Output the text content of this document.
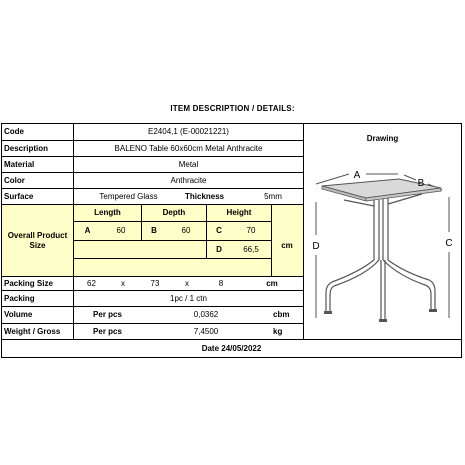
ITEM DESCRIPTION / DETAILS:
Code	E2404,1 (E-00021221)
Description	BALENO Table 60x60cm Metal Anthracite
Material	Metal
Color	Anthracite
Surface	Tempered Glass	Thickness	5mm
Overall Product Size
Length	Depth	Height
cm
A	60	B	60	C	70
D	66,5
Packing Size	62	x	73	x	8	cm
Packing	1pc / 1 ctn
Volume	Per pcs	0,0362	cbm
Weight / Gross	Per pcs	7,4500	kg
Drawing
Date 24/05/2022
A
B
C
D
